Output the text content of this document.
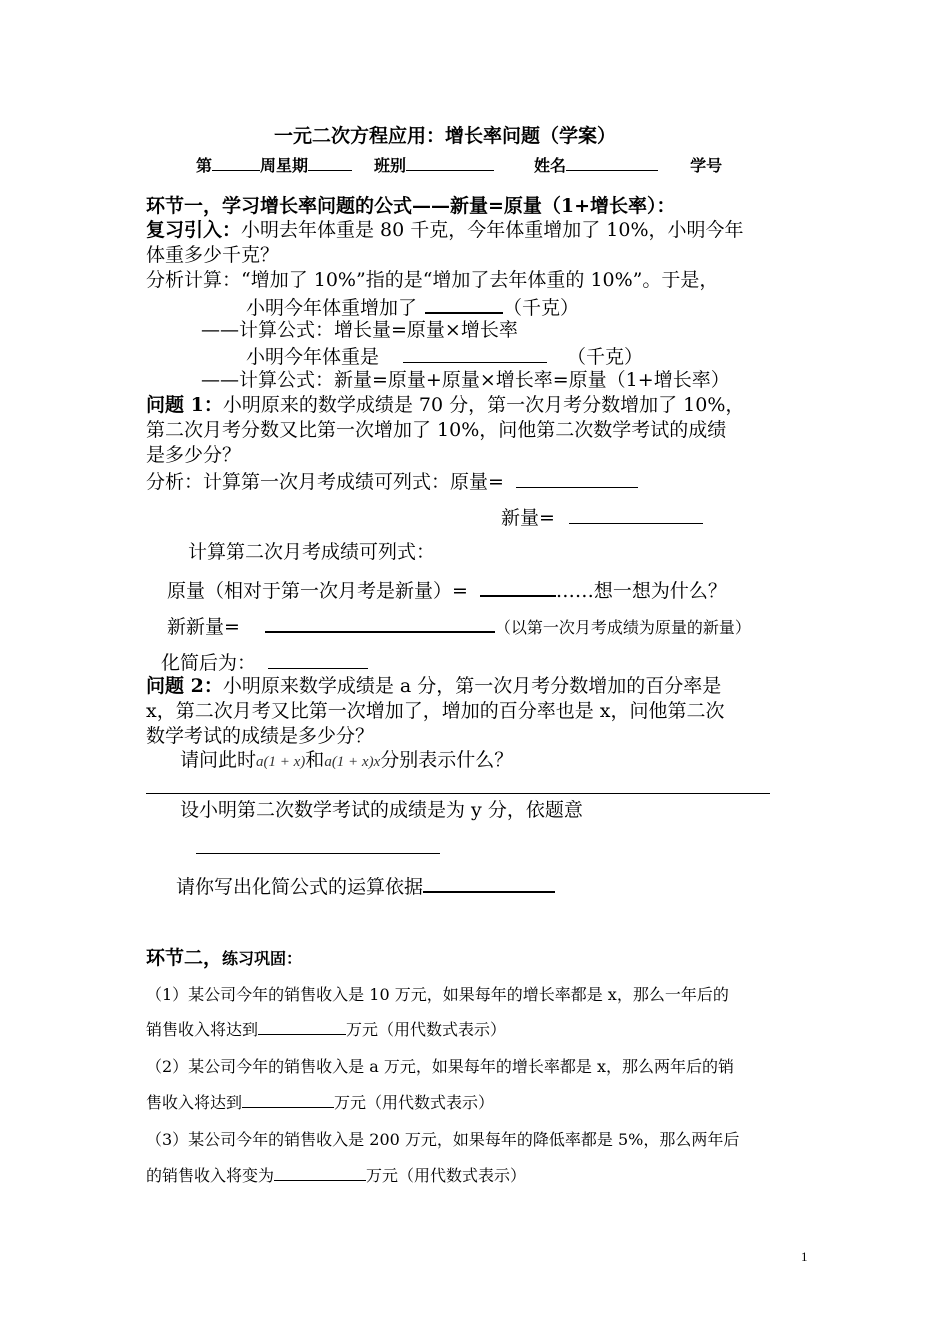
一元二次方程应用：增长率问题（学案）
第	周星期	班别	姓名	学号
环节一，学习增长率问题的公式——新量=原量（1+增长率）：
复习引入：小明去年体重是 80 千克，今年体重增加了 10%，小明今年
体重多少千克？
分析计算：“增加了 10%”指的是“增加了去年体重的 10%”。于是，
小明今年体重增加了	（千克）
——计算公式：增长量=原量×增长率
小明今年体重是	（千克）
——计算公式：新量=原量+原量×增长率=原量（1+增长率）
问题 1：小明原来的数学成绩是 70 分，第一次月考分数增加了 10%，
第二次月考分数又比第一次增加了 10%，问他第二次数学考试的成绩
是多少分？
分析：计算第一次月考成绩可列式：原量=
新量=
计算第二次月考成绩可列式：
原量（相对于第一次月考是新量）=	……想一想为什么？
新新量=	（以第一次月考成绩为原量的新量）
化简后为：
问题 2：小明原来数学成绩是 a 分，第一次月考分数增加的百分率是
x，第二次月考又比第一次增加了，增加的百分率也是 x，问他第二次
数学考试的成绩是多少分？
请问此时a(1 + x)和a(1 + x)x分别表示什么？
设小明第二次数学考试的成绩是为 y 分，依题意
请你写出化简公式的运算依据
环节二，练习巩固：
（1）某公司今年的销售收入是 10 万元，如果每年的增长率都是 x，那么一年后的
销售收入将达到	万元（用代数式表示）
（2）某公司今年的销售收入是 a 万元，如果每年的增长率都是 x，那么两年后的销
售收入将达到	万元（用代数式表示）
（3）某公司今年的销售收入是 200 万元，如果每年的降低率都是 5%，那么两年后
的销售收入将变为	万元（用代数式表示）
1
